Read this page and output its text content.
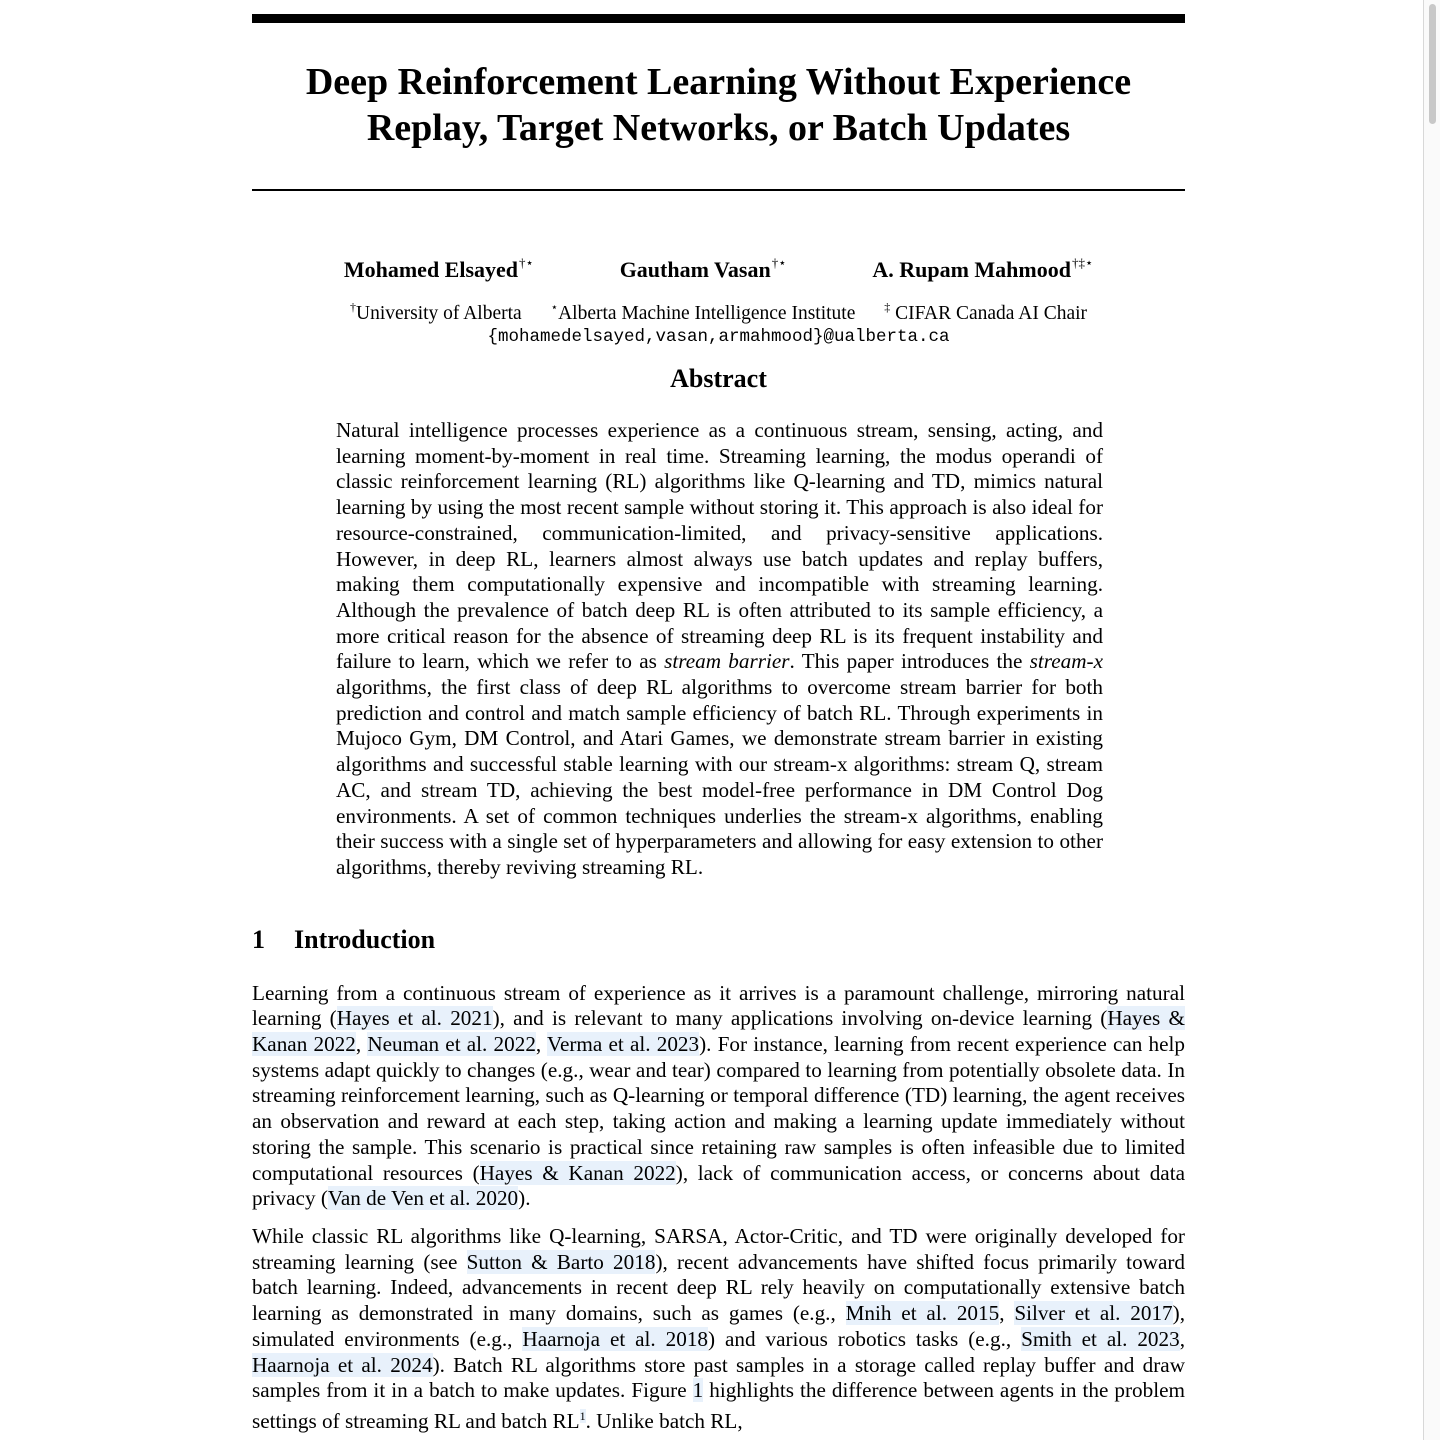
Deep Reinforcement Learning Without Experience Replay, Target Networks, or Batch Updates
Mohamed Elsayed†⋆	Gautham Vasan†⋆	A. Rupam Mahmood†‡⋆
†University of Alberta ⋆Alberta Machine Intelligence Institute ‡ CIFAR Canada AI Chair
{mohamedelsayed,vasan,armahmood}@ualberta.ca
Abstract
Natural intelligence processes experience as a continuous stream, sensing, acting, and learning moment-by-moment in real time. Streaming learning, the modus operandi of classic reinforcement learning (RL) algorithms like Q-learning and TD, mimics natural learning by using the most recent sample without storing it. This approach is also ideal for resource-constrained, communication-limited, and privacy-sensitive applications. However, in deep RL, learners almost always use batch updates and replay buffers, making them computationally expensive and incompatible with streaming learning. Although the prevalence of batch deep RL is often attributed to its sample efficiency, a more critical reason for the absence of streaming deep RL is its frequent instability and failure to learn, which we refer to as stream barrier. This paper introduces the stream-x algorithms, the first class of deep RL algorithms to overcome stream barrier for both prediction and control and match sample efficiency of batch RL. Through experiments in Mujoco Gym, DM Control, and Atari Games, we demonstrate stream barrier in existing algorithms and successful stable learning with our stream-x algorithms: stream Q, stream AC, and stream TD, achieving the best model-free performance in DM Control Dog environments. A set of common techniques underlies the stream-x algorithms, enabling their success with a single set of hyperparameters and allowing for easy extension to other algorithms, thereby reviving streaming RL.
1	Introduction

Learning from a continuous stream of experience as it arrives is a paramount challenge, mirroring natural learning (Hayes et al. 2021), and is relevant to many applications involving on-device learning (Hayes & Kanan 2022, Neuman et al. 2022, Verma et al. 2023). For instance, learning from recent experience can help systems adapt quickly to changes (e.g., wear and tear) compared to learning from potentially obsolete data. In streaming reinforcement learning, such as Q-learning or temporal difference (TD) learning, the agent receives an observation and reward at each step, taking action and making a learning update immediately without storing the sample. This scenario is practical since retaining raw samples is often infeasible due to limited computational resources (Hayes & Kanan 2022), lack of communication access, or concerns about data privacy (Van de Ven et al. 2020).

While classic RL algorithms like Q-learning, SARSA, Actor-Critic, and TD were originally developed for streaming learning (see Sutton & Barto 2018), recent advancements have shifted focus primarily toward batch learning. Indeed, advancements in recent deep RL rely heavily on computationally extensive batch learning as demonstrated in many domains, such as games (e.g., Mnih et al. 2015, Silver et al. 2017), simulated environments (e.g., Haarnoja et al. 2018) and various robotics tasks (e.g., Smith et al. 2023, Haarnoja et al. 2024). Batch RL algorithms store past samples in a storage called replay buffer and draw samples from it in a batch to make updates. Figure 1 highlights the difference between agents in the problem settings of streaming RL and batch RL$^1$. Unlike batch RL,
